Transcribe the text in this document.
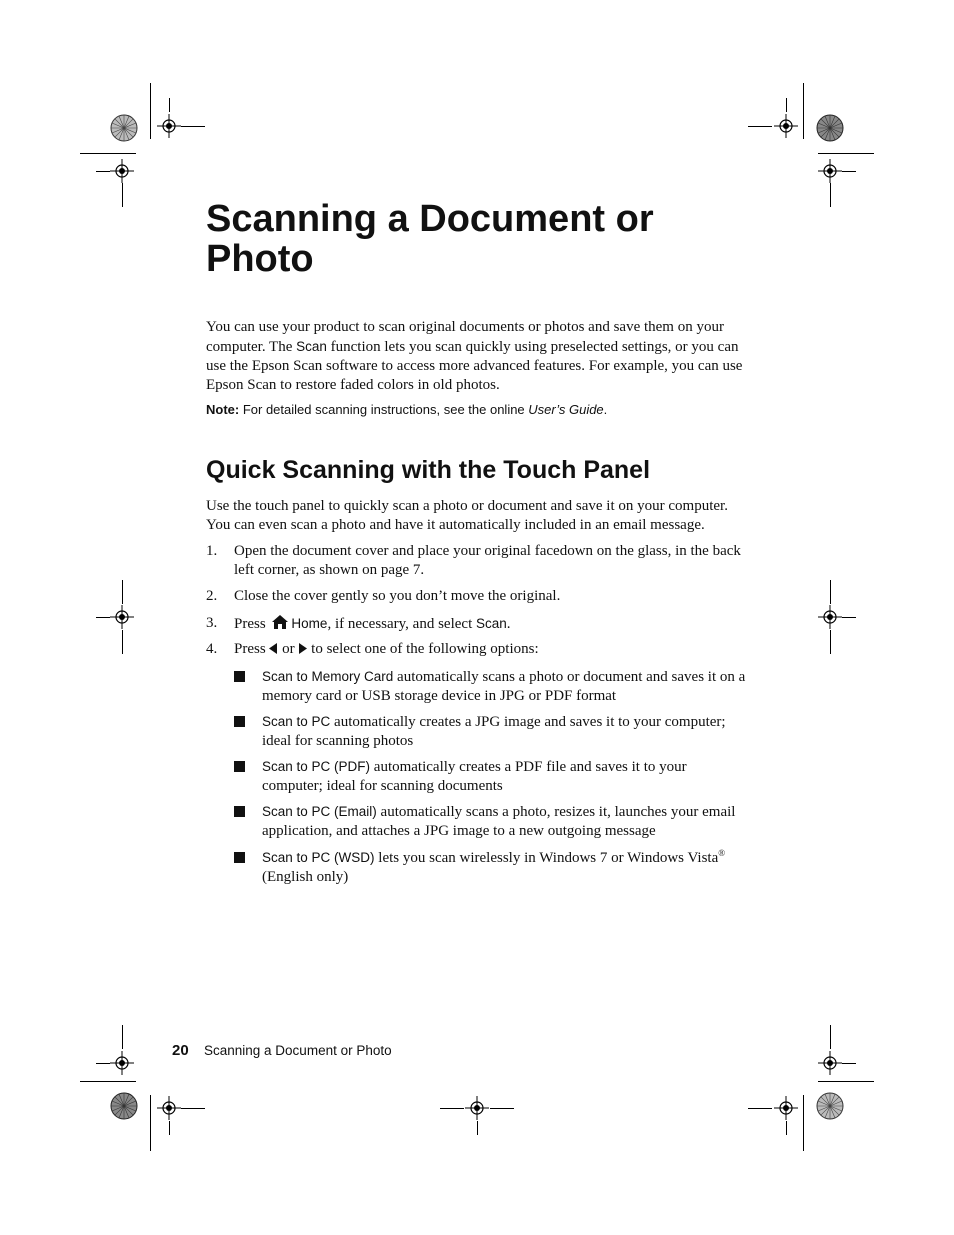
Scanning a Document or Photo

You can use your product to scan original documents or photos and save them on your computer. The Scan function lets you scan quickly using preselected settings, or you can use the Epson Scan software to access more advanced features. For example, you can use Epson Scan to restore faded colors in old photos.

Note: For detailed scanning instructions, see the online User’s Guide.

Quick Scanning with the Touch Panel

Use the touch panel to quickly scan a photo or document and save it on your computer. You can even scan a photo and have it automatically included in an email message.

1. Open the document cover and place your original facedown on the glass, in the back left corner, as shown on page 7.
2. Close the cover gently so you don’t move the original.
3. Press
Home, if necessary, and select Scan.
4. Press
or
to select one of the following options:
Scan to Memory Card automatically scans a photo or document and saves it on a memory card or USB storage device in JPG or PDF format
Scan to PC automatically creates a JPG image and saves it to your computer; ideal for scanning photos
Scan to PC (PDF) automatically creates a PDF file and saves it to your computer; ideal for scanning documents
Scan to PC (Email) automatically scans a photo, resizes it, launches your email application, and attaches a JPG image to a new outgoing message
Scan to PC (WSD) lets you scan wirelessly in Windows 7 or Windows Vista® (English only)
20 Scanning a Document or Photo
